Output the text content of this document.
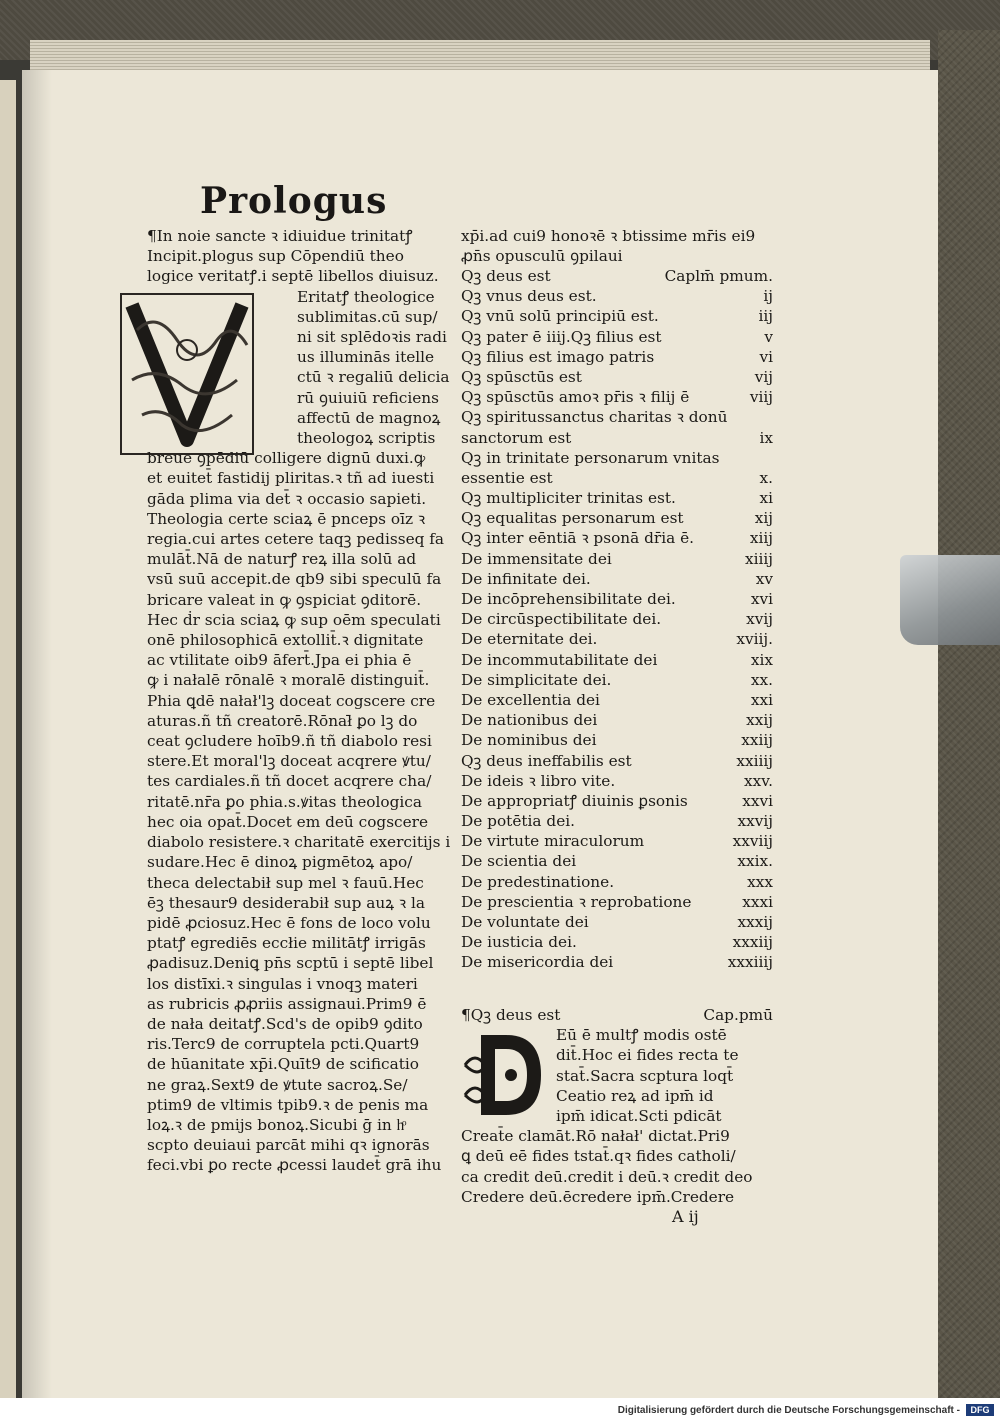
Prologus
¶In noie sancte ꝛ idiuidue trinitatꝭ
Incipit.plogus sup Cōpendiū theo
logice veritatꝭ.i septē libellos diuisuz.
Eritatꝭ theologice
sublimitas.cū sup/
ni sit splēdoꝛis radi
us illuminās itelle
ctū ꝛ regaliū delicia
rū ꝯuiuiū reficiens
affectū de magnoꝝ
theologoꝝ scriptis
breue ꝯpēdiū colligere dignū duxi.ꝙ
et euitet̄ fastidij pliritas.ꝛ tñ ad iuesti
gāda plima via det̄ ꝛ occasio sapieti.
Theologia certe sciaꝝ ē pnceps oīz ꝛ
regia.cui artes cetere taqꝫ pedisseq fa
mulāt̄.Nā de naturꝭ reꝝ illa solū ad
vsū suū accepit.de qb9 sibi speculū fa
bricare valeat in ꝙ ꝯspiciat ꝯditorē.
Hec ḋr scia sciaꝝ ꝙ sup oēm speculati
onē philosophicā extollit̄.ꝛ dignitate
ac vtilitate oib9 āfert̄.Jpa ei phia ē
ꝙ i nałalē rōnalē ꝛ moralē distinguit̄.
Phia ꝗdē nałał'lꝫ doceat cogscere cre
aturas.ñ tñ creatorē.Rōnał̄ ꝑo lꝫ do
ceat ꝯcludere hoīb9.ñ tñ diabolo resi
stere.Et moral'lꝫ doceat acqrere ꝟtu/
tes cardiales.ñ tñ docet acqrere cha/
ritatē.nr̄a ꝑo phia.s.ꝟitas theologica
hec oia opat̄.Docet em deū cogscere
diabolo resistere.ꝛ charitatē exercitijs i
sudare.Hec ē dinoꝝ pigmētoꝝ apo/
theca delectabił sup mel ꝛ fauū.Hec
ēꝫ thesaur9 desiderabił sup auꝝ ꝛ la
pidē ꝓciosuz.Hec ē fons de loco volu
ptatꝭ egrediēs eccłie militātꝭ irrigās
ꝓadisuz.Deniꝗ pn̄s scptū i septē libel
los distīxi.ꝛ singulas i vnoqꝫ materi
as rubricis ꝓꝓriis assignaui.Prim9 ē
de nała deitatꝭ.Scd's de opib9 ꝯdito
ris.Terc9 de corruptela pcti.Quart9
de hūanitate xp̄i.Quīt9 de scificatio
ne graꝝ.Sext9 de ꝟtute sacroꝝ.Se/
ptim9 de vltimis tpib9.ꝛ de penis ma
loꝝ.ꝛ de pmijs bonoꝝ.Sicubi ḡ in hͦ
scpto deuiaui parcāt mihi qꝛ ignorās
feci.vbi ꝑo recte ꝓcessi laudet̄ grā ihu
xp̄i.ad cui9 honoꝛē ꝛ btissime mr̄is ei9
ꝓn̄s opusculū ꝯpilaui
Qꝫ deus est	Caplm̄ pmum.
Qꝫ vnus deus est.	ij
Qꝫ vnū solū principiū est.	iij
Qꝫ pater ē iiij.Qꝫ filius est	v
Qꝫ filius est imago patris	vi
Qꝫ spūsctūs est	vij
Qꝫ spūsctūs amoꝛ pr̄is ꝛ filij ē	viij
Qꝫ spiritussanctus charitas ꝛ donū
sanctorum est	ix
Qꝫ in trinitate personarum vnitas
essentie est	x.
Qꝫ multipliciter trinitas est.	xi
Qꝫ equalitas personarum est	xij
Qꝫ inter eēntiā ꝛ psonā dr̄ia ē.	xiij
De immensitate dei	xiiij
De infinitate dei.	xv
De incōprehensibilitate dei.	xvi
De circūspectibilitate dei.	xvij
De eternitate dei.	xviij.
De incommutabilitate dei	xix
De simplicitate dei.	xx.
De excellentia dei	xxi
De nationibus dei	xxij
De nominibus dei	xxiij
Qꝫ deus ineffabilis est	xxiiij
De ideis ꝛ libro vite.	xxv.
De appropriatꝭ diuinis ꝑsonis	xxvi
De potētia dei.	xxvij
De virtute miraculorum	xxviij
De scientia dei	xxix.
De predestinatione.	xxx
De prescientia ꝛ reprobatione	xxxi
De voluntate dei	xxxij
De iusticia dei.	xxxiij
De misericordia dei	xxxiiij
¶Qꝫ deus est	Cap.pmū
Eū ē multꝭ modis ostē
dit̄.Hoc ei fides recta te
stat̄.Sacra scptura loqt̄
Ceatio reꝝ ad ipm̄ id
ipm̄ idicat.Scti pdicāt
Creat̄e clamāt.Rō nałał' dictat.Pri9
ꝗ deū eē fides tstat̄.qꝛ fides catholi/
ca credit deū.credit i deū.ꝛ credit deo
Credere deū.ēcredere ipm̄.Credere
A ij
Digitalisierung gefördert durch die Deutsche Forschungsgemeinschaft -	DFG
